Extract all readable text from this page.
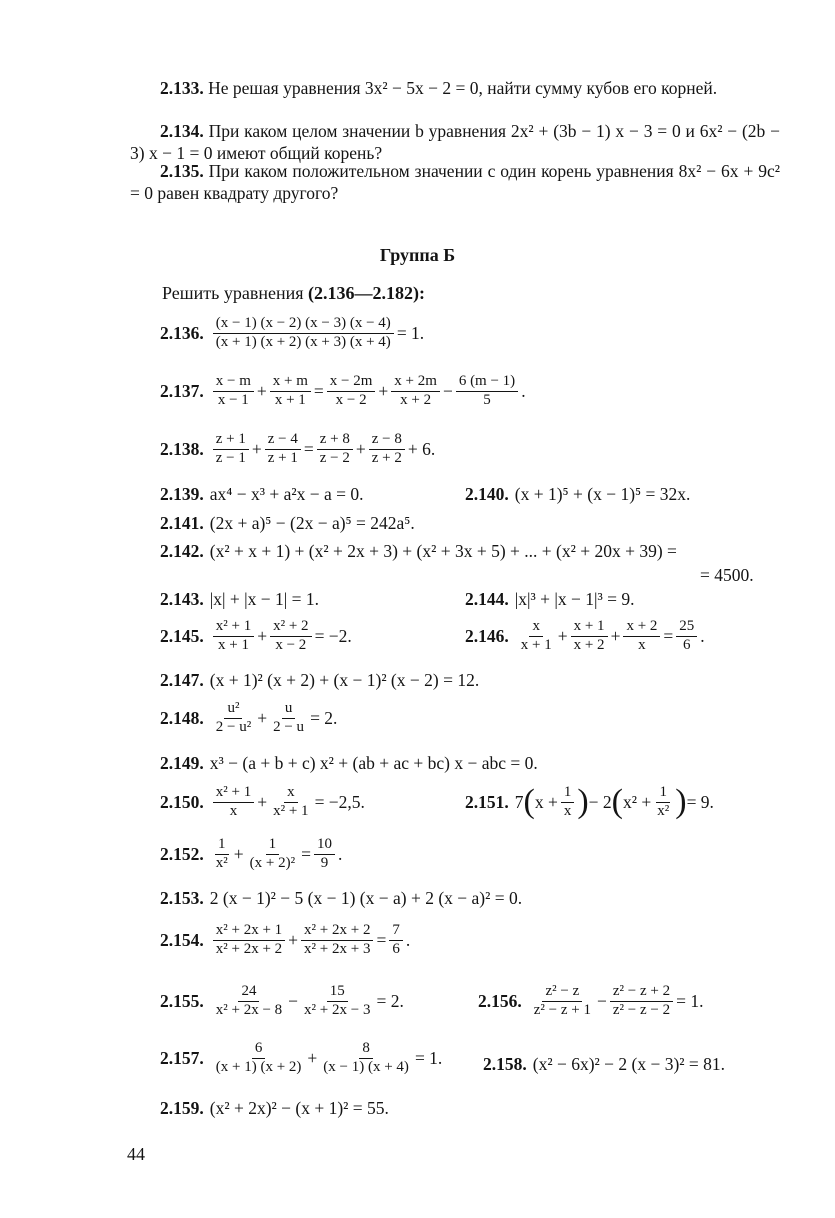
2.133. Не решая уравнения 3x² − 5x − 2 = 0, найти сумму кубов его корней.
2.134. При каком целом значении b уравнения 2x² + (3b − 1) x − 3 = 0 и 6x² − (2b − 3) x − 1 = 0 имеют общий корень?
2.135. При каком положительном значении c один корень уравнения 8x² − 6x + 9c² = 0 равен квадрату другого?
Группа Б
Решить уравнения (2.136—2.182):
2.136. $\frac{(x - 1) (x - 2) (x - 3) (x - 4)}{(x + 1) (x + 2) (x + 3) (x + 4)} = 1$.
2.137. $\frac{x - m}{x - 1} + \frac{x + m}{x + 1} = \frac{x - 2m}{x - 2} + \frac{x + 2m}{x + 2} - \frac{6 (m - 1)}{5}$ .
2.138. $\frac{z + 1}{z - 1} + \frac{z - 4}{z + 1} = \frac{z + 8}{z - 2} + \frac{z - 8}{z + 2} + 6$.
2.139. ax⁴ − x³ + a²x − a = 0.	2.140. (x + 1)⁵ + (x − 1)⁵ = 32x.
2.141. (2x + a)⁵ − (2x − a)⁵ = 242a⁵.
2.142. (x² + x + 1) + (x² + 2x + 3) + (x² + 3x + 5) + ... + (x² + 20x + 39) =
= 4500.
2.143. |x| + |x − 1| = 1.	2.144. |x|³ + |x − 1|³ = 9.
2.145. $\frac{\text{x² + 1}}{x + 1} + \frac{\text{x² + 2}}{x - 2} = -2$.	2.146. $\frac{x}{x + 1} + \frac{x + 1}{x + 2} + \frac{x + 2}{x} = \frac{25}{6}$ .
2.147. (x + 1)² (x + 2) + (x − 1)² (x − 2) = 12.
2.148. $\frac{\text{u²}}{\text{2 − u²}} + \frac{u}{2 - u} = 2$.
2.149. x³ − (a + b + c) x² + (ab + ac + bc) x − abc = 0.
2.150. $\frac{\text{x² + 1}}{x} + \frac{x}{\text{x² + 1}} = -2,5$.	2.151. 7 ( $x + \frac{1}{x}$ ) − 2 ( $x^2 + \frac{1}{\text{x²}}$ ) = 9.
2.152. $\frac{1}{\text{x²}} + \frac{1}{\text{(x + 2)²}} = \frac{10}{9}$ .
2.153. 2 (x − 1)² − 5 (x − 1) (x − a) + 2 (x − a)² = 0.
2.154. $\frac{\text{x² + 2x + 1}}{\text{x² + 2x + 2}} + \frac{\text{x² + 2x + 2}}{\text{x² + 2x + 3}} = \frac{7}{6}$ .
2.155. $\frac{24}{\text{x² + 2x − 8}} - \frac{15}{\text{x² + 2x − 3}} = 2$.	2.156. $\frac{\text{z² − z}}{\text{z² − z + 1}} - \frac{\text{z² − z + 2}}{\text{z² − z − 2}} = 1$.
2.157. $\frac{6}{(x + 1) (x + 2)} + \frac{8}{(x - 1) (x + 4)} = 1$. 2.158. (x² − 6x)² − 2 (x − 3)² = 81.
2.159. (x² + 2x)² − (x + 1)² = 55.
44
